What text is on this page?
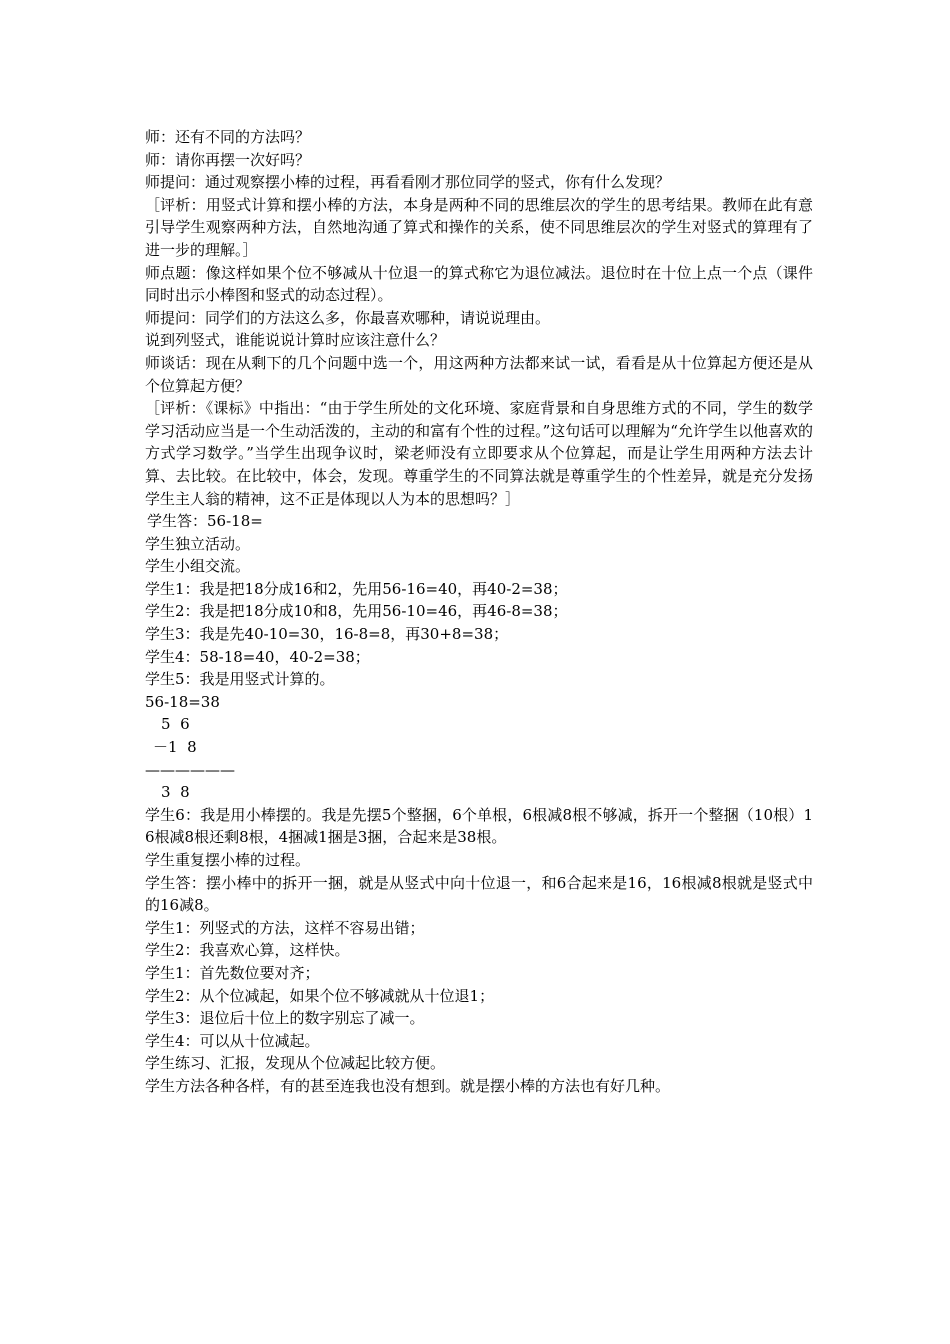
师：还有不同的方法吗？

师：请你再摆一次好吗？

师提问：通过观察摆小棒的过程，再看看刚才那位同学的竖式，你有什么发现？

［评析：用竖式计算和摆小棒的方法，本身是两种不同的思维层次的学生的思考结果。教师在此有意引导学生观察两种方法，自然地沟通了算式和操作的关系，使不同思维层次的学生对竖式的算理有了进一步的理解。］

师点题：像这样如果个位不够减从十位退一的算式称它为退位减法。退位时在十位上点一个点（课件同时出示小棒图和竖式的动态过程）。

师提问：同学们的方法这么多，你最喜欢哪种，请说说理由。

说到列竖式，谁能说说计算时应该注意什么？

师谈话：现在从剩下的几个问题中选一个，用这两种方法都来试一试，看看是从十位算起方便还是从个位算起方便？

［评析：《课标》中指出：“由于学生所处的文化环境、家庭背景和自身思维方式的不同，学生的数学学习活动应当是一个生动活泼的，主动的和富有个性的过程。”这句话可以理解为“允许学生以他喜欢的方式学习数学。”当学生出现争议时，梁老师没有立即要求从个位算起，而是让学生用两种方法去计算、去比较。在比较中，体会，发现。尊重学生的不同算法就是尊重学生的个性差异，就是充分发扬学生主人翁的精神，这不正是体现以人为本的思想吗？］

学生答：56-18=

学生独立活动。

学生小组交流。

学生1：我是把18分成16和2，先用56-16=40，再40-2=38；

学生2：我是把18分成10和8，先用56-10=46，再46-8=38；

学生3：我是先40-10=30，16-8=8，再30+8=38；

学生4：58-18=40，40-2=38；

学生5：我是用竖式计算的。

56-18=38

5  6

－1  8

——————

3  8

学生6：我是用小棒摆的。我是先摆5个整捆，6个单根，6根减8根不够减，拆开一个整捆（10根）16根减8根还剩8根，4捆减1捆是3捆，合起来是38根。

学生重复摆小棒的过程。

学生答：摆小棒中的拆开一捆，就是从竖式中向十位退一，和6合起来是16，16根减8根就是竖式中的16减8。

学生1：列竖式的方法，这样不容易出错；

学生2：我喜欢心算，这样快。

学生1：首先数位要对齐；

学生2：从个位减起，如果个位不够减就从十位退1；

学生3：退位后十位上的数字别忘了减一。

学生4：可以从十位减起。

学生练习、汇报，发现从个位减起比较方便。

学生方法各种各样，有的甚至连我也没有想到。就是摆小棒的方法也有好几种。
